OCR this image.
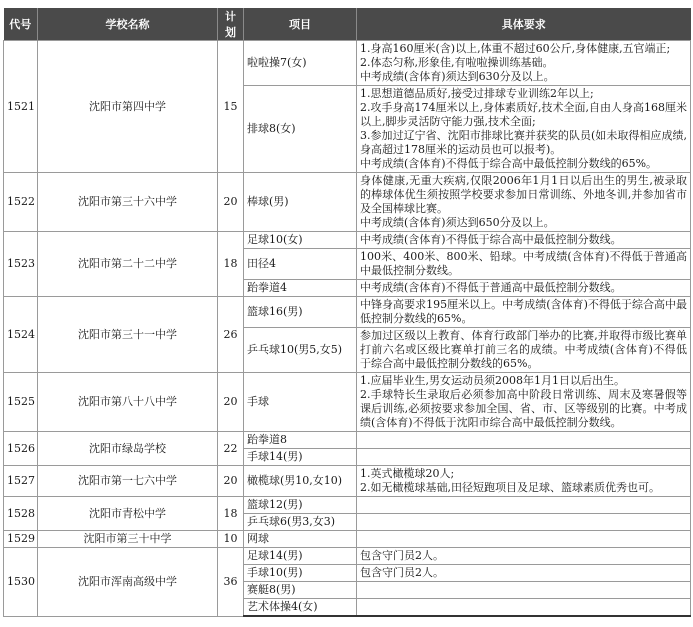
代号	学校名称	计划	项目	具体要求
1521	沈阳市第四中学	15	啦啦操7(女)	1.身高160厘米(含)以上,体重不超过60公斤,身体健康,五官端正;
2.体态匀称,形象佳,有啦啦操训练基础。
中考成绩(含体育)须达到630分及以上。

			排球8(女)	1.思想道德品质好,接受过排球专业训练2年以上;
2.攻手身高174厘米以上,身体素质好,技术全面,自由人身高168厘米以上,脚步灵活防守能力强,技术全面;
3.参加过辽宁省、沈阳市排球比赛并获奖的队员(如未取得相应成绩,身高超过178厘米的运动员也可以报考)。
中考成绩(含体育)不得低于综合高中最低控制分数线的65%。

1522	沈阳市第三十六中学	20	棒球(男)	身体健康,无重大疾病,仅限2006年1月1日以后出生的男生,被录取的棒球体优生须按照学校要求参加日常训练、外地冬训,并参加省市及全国棒球比赛。
中考成绩(含体育)须达到650分及以上。

1523	沈阳市第二十二中学	18	足球10(女)	中考成绩(含体育)不得低于综合高中最低控制分数线。

			田径4	100米、400米、800米、铅球。中考成绩(含体育)不得低于普通高中最低控制分数线。

			跆拳道4	中考成绩(含体育)不得低于普通高中最低控制分数线。

1524	沈阳市第三十一中学	26	篮球16(男)	中锋身高要求195厘米以上。中考成绩(含体育)不得低于综合高中最低控制分数线的65%。

			乒乓球10(男5,女5)	参加过区级以上教育、体育行政部门举办的比赛,并取得市级比赛单打前六名或区级比赛单打前三名的成绩。中考成绩(含体育)不得低于综合高中最低控制分数线的65%。

1525	沈阳市第八十八中学	20	手球	1.应届毕业生,男女运动员须2008年1月1日以后出生。
2.手球特长生录取后必须参加高中阶段日常训练、周末及寒暑假等课后训练,必须按要求参加全国、省、市、区等级别的比赛。中考成绩(含体育)不得低于沈阳市综合高中最低控制分数线。

1526	沈阳市绿岛学校	22	跆拳道8	
			手球14(男)	
1527	沈阳市第一七六中学	20	橄榄球(男10,女10)	1.英式橄榄球20人;
2.如无橄榄球基础,田径短跑项目及足球、篮球素质优秀也可。

1528	沈阳市青松中学	18	篮球12(男)	
			乒乓球6(男3,女3)	
1529	沈阳市第三十中学	10	网球	
1530	沈阳市浑南高级中学	36	足球14(男)	包含守门员2人。

			手球10(男)	包含守门员2人。

			赛艇8(男)	
			艺术体操4(女)	
